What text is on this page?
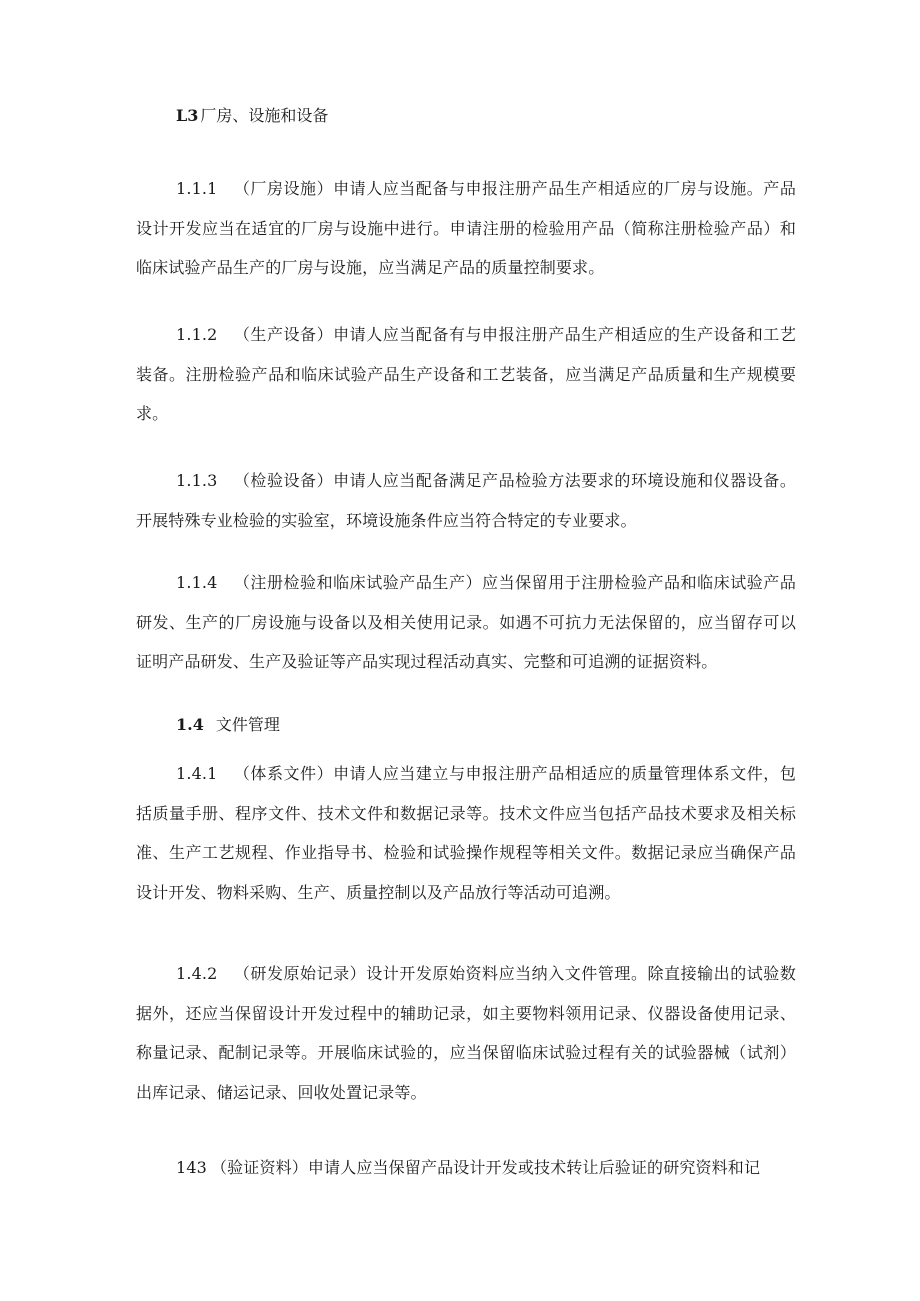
L3 厂房、设施和设备
1.1.1 （厂房设施）申请人应当配备与申报注册产品生产相适应的厂房与设施。产品设计开发应当在适宜的厂房与设施中进行。申请注册的检验用产品（简称注册检验产品）和临床试验产品生产的厂房与设施，应当满足产品的质量控制要求。
1.1.2 （生产设备）申请人应当配备有与申报注册产品生产相适应的生产设备和工艺装备。注册检验产品和临床试验产品生产设备和工艺装备，应当满足产品质量和生产规模要求。
1.1.3 （检验设备）申请人应当配备满足产品检验方法要求的环境设施和仪器设备。开展特殊专业检验的实验室，环境设施条件应当符合特定的专业要求。
1.1.4 （注册检验和临床试验产品生产）应当保留用于注册检验产品和临床试验产品研发、生产的厂房设施与设备以及相关使用记录。如遇不可抗力无法保留的，应当留存可以证明产品研发、生产及验证等产品实现过程活动真实、完整和可追溯的证据资料。
1.4 文件管理
1.4.1 （体系文件）申请人应当建立与申报注册产品相适应的质量管理体系文件，包括质量手册、程序文件、技术文件和数据记录等。技术文件应当包括产品技术要求及相关标准、生产工艺规程、作业指导书、检验和试验操作规程等相关文件。数据记录应当确保产品设计开发、物料采购、生产、质量控制以及产品放行等活动可追溯。
1.4.2 （研发原始记录）设计开发原始资料应当纳入文件管理。除直接输出的试验数据外，还应当保留设计开发过程中的辅助记录，如主要物料领用记录、仪器设备使用记录、称量记录、配制记录等。开展临床试验的，应当保留临床试验过程有关的试验器械（试剂）出库记录、储运记录、回收处置记录等。
143 （验证资料）申请人应当保留产品设计开发或技术转让后验证的研究资料和记
